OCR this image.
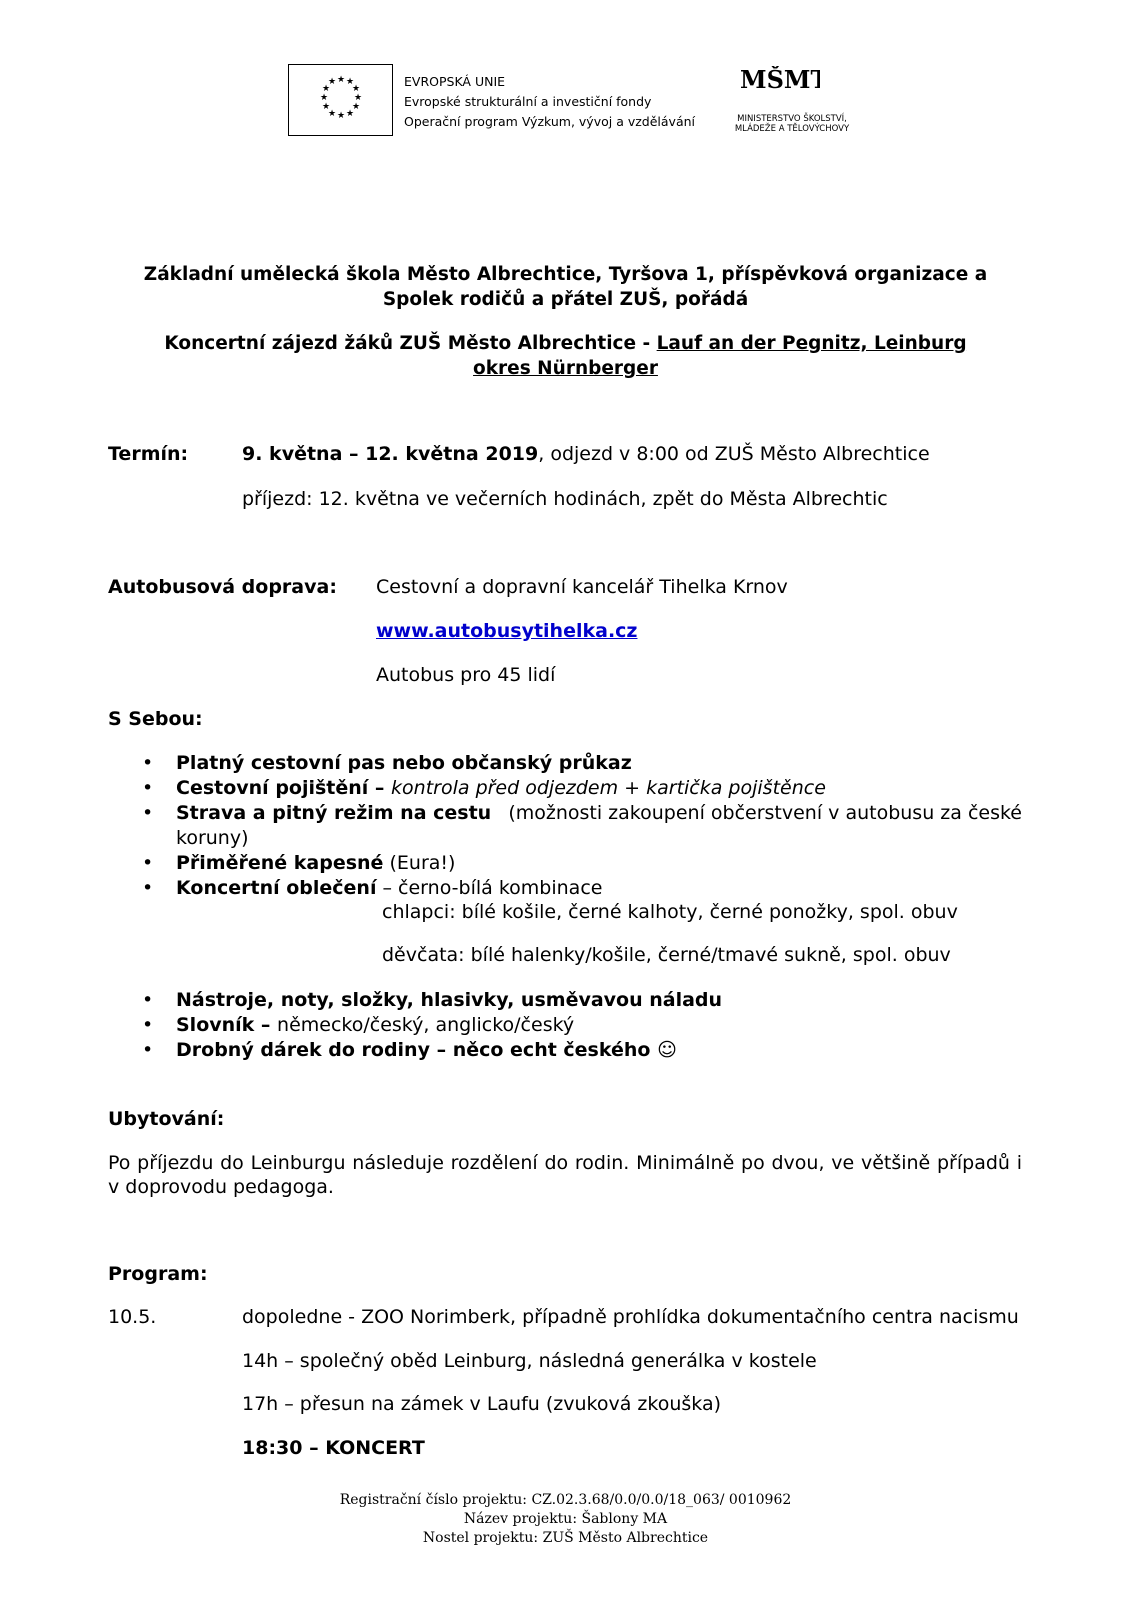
★ ★
★
★
★
★
★
★
★
★
★
★	EVROPSKÁ UNIE
Evropské strukturální a investiční fondy
Operační program Výzkum, vývoj a vzdělávání
MŠMT
MINISTERSTVO ŠKOLSTVÍ,
MLÁDEŽE A TĚLOVÝCHOVY
Základní umělecká škola Město Albrechtice, Tyršova 1, příspěvková organizace a
Spolek rodičů a přátel ZUŠ, pořádá
Koncertní zájezd žáků ZUŠ Město Albrechtice - Lauf an der Pegnitz, Leinburg
okres Nürnberger
Termín:	9. května – 12. května 2019, odjezd v 8:00 od ZUŠ Město Albrechtice
příjezd: 12. května ve večerních hodinách, zpět do Města Albrechtic
Autobusová doprava: Cestovní a dopravní kancelář Tihelka Krnov
www.autobusytihelka.cz
Autobus pro 45 lidí
S Sebou:
• Platný cestovní pas nebo občanský průkaz
• Cestovní pojištění – kontrola před odjezdem + kartička pojištěnce
• Strava a pitný režim na cestu (možnosti zakoupení občerstvení v autobusu za české
koruny)
• Přiměřené kapesné (Eura!)
• Koncertní oblečení – černo-bílá kombinace
chlapci: bílé košile, černé kalhoty, černé ponožky, spol. obuv
děvčata: bílé halenky/košile, černé/tmavé sukně, spol. obuv
• Nástroje, noty, složky, hlasivky, usměvavou náladu
• Slovník – německo/český, anglicko/český
• Drobný dárek do rodiny – něco echt českého ☺
Ubytování:
Po příjezdu do Leinburgu následuje rozdělení do rodin. Minimálně po dvou, ve většině případů i
v doprovodu pedagoga.
Program:
10.5.	dopoledne - ZOO Norimberk, případně prohlídka dokumentačního centra nacismu
14h – společný oběd Leinburg, následná generálka v kostele
17h – přesun na zámek v Laufu (zvuková zkouška)
18:30 – KONCERT
Registrační číslo projektu: CZ.02.3.68/0.0/0.0/18_063/ 0010962
Název projektu: Šablony MA
Nostel projektu: ZUŠ Město Albrechtice
